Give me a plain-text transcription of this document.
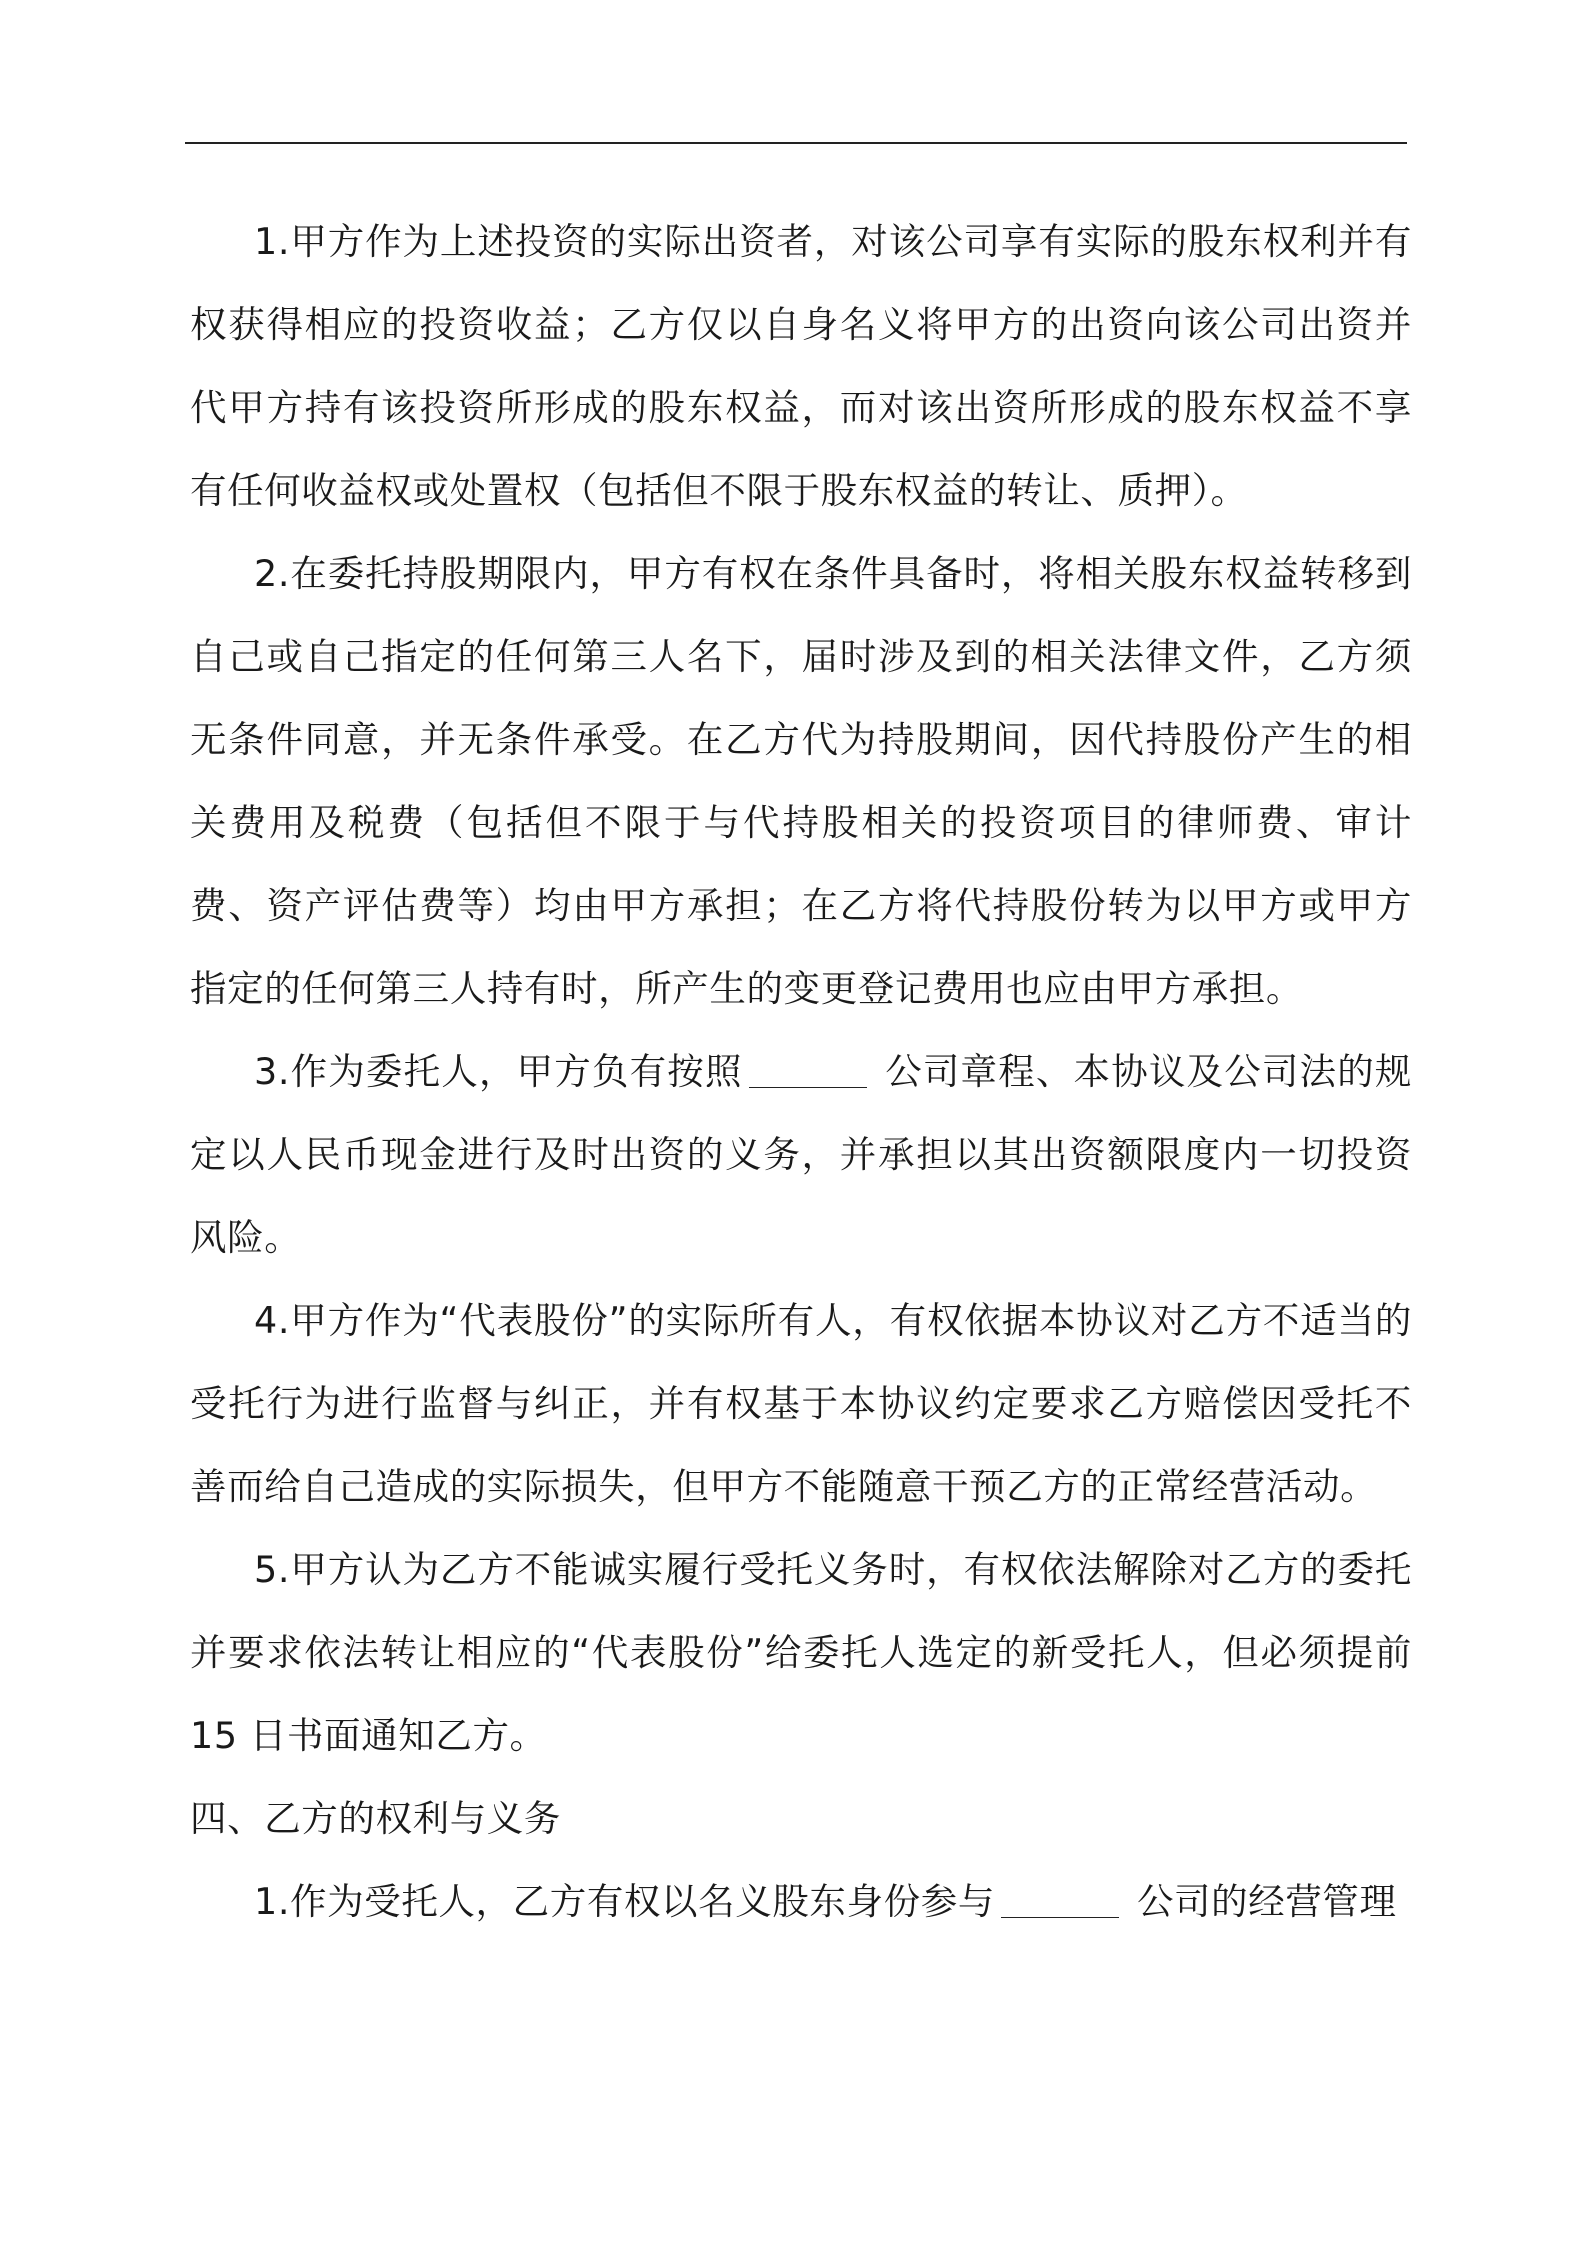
1.甲方作为上述投资的实际出资者，对该公司享有实际的股东权利并有权获得相应的投资收益；乙方仅以自身名义将甲方的出资向该公司出资并代甲方持有该投资所形成的股东权益，而对该出资所形成的股东权益不享有任何收益权或处置权（包括但不限于股东权益的转让、质押）。

2.在委托持股期限内，甲方有权在条件具备时，将相关股东权益转移到自己或自己指定的任何第三人名下，届时涉及到的相关法律文件，乙方须无条件同意，并无条件承受。在乙方代为持股期间，因代持股份产生的相关费用及税费（包括但不限于与代持股相关的投资项目的律师费、审计费、资产评估费等）均由甲方承担；在乙方将代持股份转为以甲方或甲方指定的任何第三人持有时，所产生的变更登记费用也应由甲方承担。

3.作为委托人，甲方负有按照	公司章程、本协议及公司法的规定以人民币现金进行及时出资的义务，并承担以其出资额限度内一切投资风险。

4.甲方作为“代表股份”的实际所有人，有权依据本协议对乙方不适当的受托行为进行监督与纠正，并有权基于本协议约定要求乙方赔偿因受托不善而给自己造成的实际损失，但甲方不能随意干预乙方的正常经营活动。

5.甲方认为乙方不能诚实履行受托义务时，有权依法解除对乙方的委托并要求依法转让相应的“代表股份”给委托人选定的新受托人，但必须提前 15 日书面通知乙方。

四、乙方的权利与义务

1.作为受托人，乙方有权以名义股东身份参与	公司的经营管理
